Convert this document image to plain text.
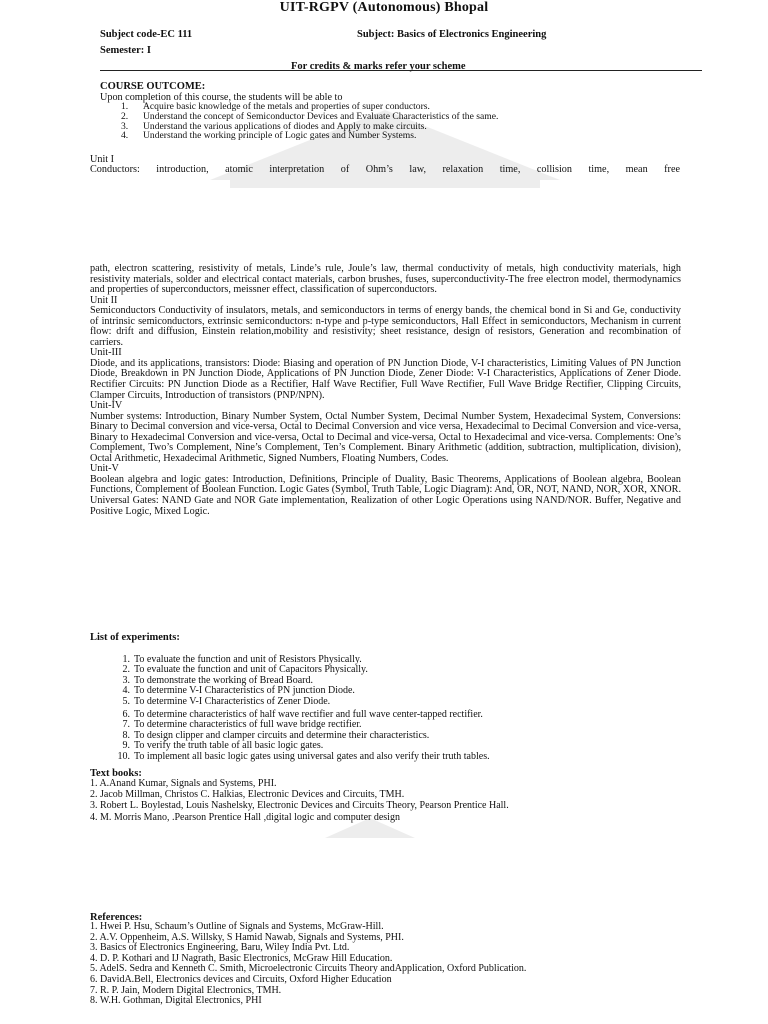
UIT-RGPV (Autonomous) Bhopal
Subject code-EC 111	Subject: Basics of Electronics Engineering
Semester: I
For credits & marks refer your scheme
COURSE OUTCOME:
Upon completion of this course, the students will be able to
1.	Acquire basic knowledge of the metals and properties of super conductors.
2.	Understand the concept of Semiconductor Devices and Evaluate Characteristics of the same.
3.	Understand the various applications of diodes and Apply to make circuits.
4.	Understand the working principle of Logic gates and Number Systems.
Unit I
Conductors: introduction, atomic interpretation of Ohm’s law, relaxation time, collision time, mean free

path, electron scattering, resistivity of metals, Linde’s rule, Joule’s law, thermal conductivity of metals, high conductivity materials, high resistivity materials, solder and electrical contact materials, carbon brushes, fuses, superconductivity-The free electron model, thermodynamics and properties of superconductors, meissner effect, classification of superconductors.

Unit II

Semiconductors Conductivity of insulators, metals, and semiconductors in terms of energy bands, the chemical bond in Si and Ge, conductivity of intrinsic semiconductors, extrinsic semiconductors: n-type and p-type semiconductors, Hall Effect in semiconductors, Mechanism in current flow: drift and diffusion, Einstein relation,mobility and resistivity; sheet resistance, design of resistors, Generation and recombination of carriers.

Unit-III

Diode, and its applications, transistors: Diode: Biasing and operation of PN Junction Diode, V-I characteristics, Limiting Values of PN Junction Diode, Breakdown in PN Junction Diode, Applications of PN Junction Diode, Zener Diode: V-I Characteristics, Applications of Zener Diode. Rectifier Circuits: PN Junction Diode as a Rectifier, Half Wave Rectifier, Full Wave Rectifier, Full Wave Bridge Rectifier, Clipping Circuits, Clamper Circuits, Introduction of transistors (PNP/NPN).

Unit-IV

Number systems: Introduction, Binary Number System, Octal Number System, Decimal Number System, Hexadecimal System, Conversions: Binary to Decimal conversion and vice-versa, Octal to Decimal Conversion and vice versa, Hexadecimal to Decimal Conversion and vice-versa, Binary to Hexadecimal Conversion and vice-versa, Octal to Decimal and vice-versa, Octal to Hexadecimal and vice-versa. Complements: One’s Complement, Two’s Complement, Nine’s Complement, Ten’s Complement. Binary Arithmetic (addition, subtraction, multiplication, division), Octal Arithmetic, Hexadecimal Arithmetic, Signed Numbers, Floating Numbers, Codes.

Unit-V

Boolean algebra and logic gates: Introduction, Definitions, Principle of Duality, Basic Theorems, Applications of Boolean algebra, Boolean Functions, Complement of Boolean Function. Logic Gates (Symbol, Truth Table, Logic Diagram): And, OR, NOT, NAND, NOR, XOR, XNOR. Universal Gates: NAND Gate and NOR Gate implementation, Realization of other Logic Operations using NAND/NOR. Buffer, Negative and Positive Logic, Mixed Logic.

List of experiments:
1. To evaluate the function and unit of Resistors Physically.
2. To evaluate the function and unit of Capacitors Physically.
3. To demonstrate the working of Bread Board.
4. To determine V-I Characteristics of PN junction Diode.
5. To determine V-I Characteristics of Zener Diode.
6. To determine characteristics of half wave rectifier and full wave center-tapped rectifier.
7. To determine characteristics of full wave bridge rectifier.
8. To design clipper and clamper circuits and determine their characteristics.
9. To verify the truth table of all basic logic gates.
10. To implement all basic logic gates using universal gates and also verify their truth tables.
Text books:
1. A.Anand Kumar, Signals and Systems, PHI.
2. Jacob Millman, Christos C. Halkias, Electronic Devices and Circuits, TMH.
3. Robert L. Boylestad, Louis Nashelsky, Electronic Devices and Circuits Theory, Pearson Prentice Hall.
4. M. Morris Mano, .Pearson Prentice Hall ,digital logic and computer design
References:
1. Hwei P. Hsu, Schaum’s Outline of Signals and Systems, McGraw-Hill.
2. A.V. Oppenheim, A.S. Willsky, S Hamid Nawab, Signals and Systems, PHI.
3. Basics of Electronics Engineering, Baru, Wiley India Pvt. Ltd.
4. D. P. Kothari and IJ Nagrath, Basic Electronics, McGraw Hill Education.
5. AdelS. Sedra and Kenneth C. Smith, Microelectronic Circuits Theory andApplication, Oxford Publication.
6. DavidA.Bell, Electronics devices and Circuits, Oxford Higher Education
7. R. P. Jain, Modern Digital Electronics, TMH.
8. W.H. Gothman, Digital Electronics, PHI
